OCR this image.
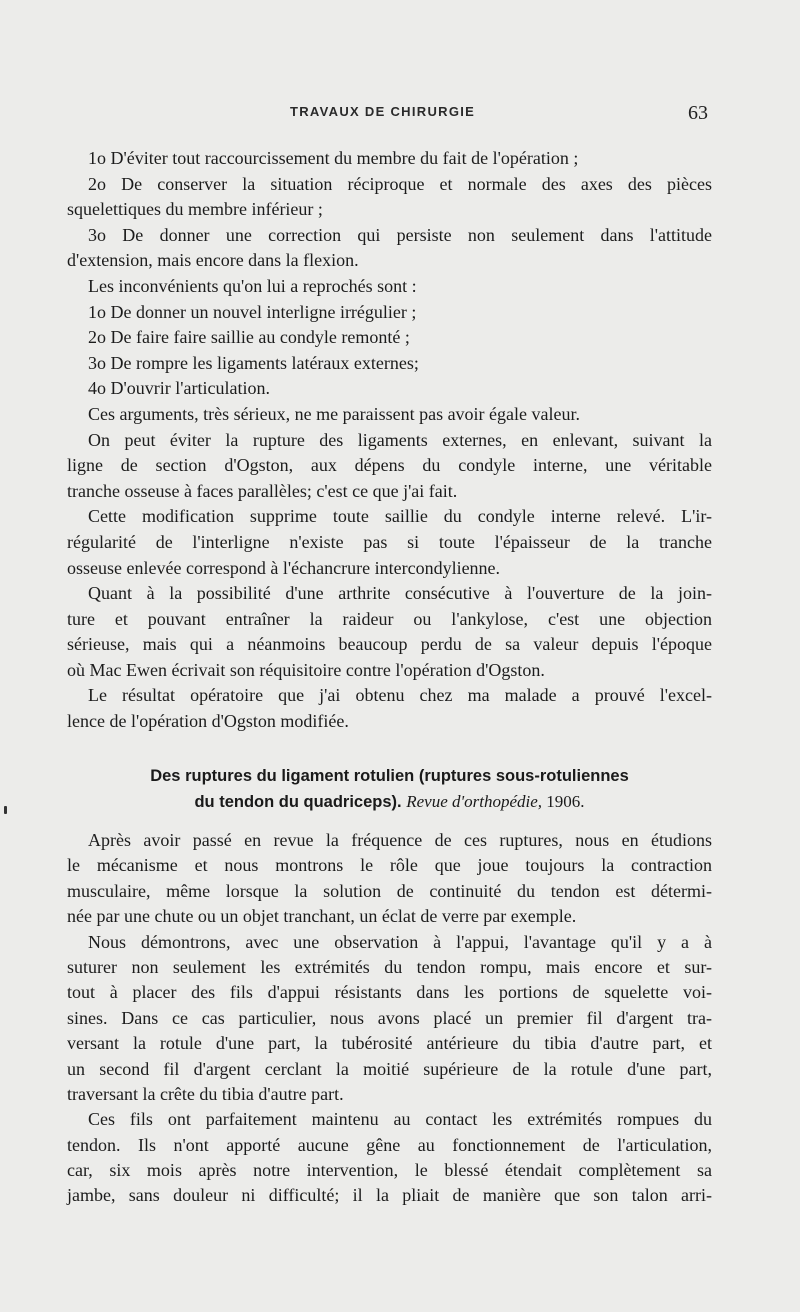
TRAVAUX DE CHIRURGIE	63
1o D'éviter tout raccourcissement du membre du fait de l'opération ;
2o De conserver la situation réciproque et normale des axes des pièces
squelettiques du membre inférieur ;
3o De donner une correction qui persiste non seulement dans l'attitude
d'extension, mais encore dans la flexion.
Les inconvénients qu'on lui a reprochés sont :
1o De donner un nouvel interligne irrégulier ;
2o De faire faire saillie au condyle remonté ;
3o De rompre les ligaments latéraux externes;
4o D'ouvrir l'articulation.
Ces arguments, très sérieux, ne me paraissent pas avoir égale valeur.
On peut éviter la rupture des ligaments externes, en enlevant, suivant la
ligne de section d'Ogston, aux dépens du condyle interne, une véritable
tranche osseuse à faces parallèles; c'est ce que j'ai fait.
Cette modification supprime toute saillie du condyle interne relevé. L'ir-
régularité de l'interligne n'existe pas si toute l'épaisseur de la tranche
osseuse enlevée correspond à l'échancrure intercondylienne.
Quant à la possibilité d'une arthrite consécutive à l'ouverture de la join-
ture et pouvant entraîner la raideur ou l'ankylose, c'est une objection
sérieuse, mais qui a néanmoins beaucoup perdu de sa valeur depuis l'époque
où Mac Ewen écrivait son réquisitoire contre l'opération d'Ogston.
Le résultat opératoire que j'ai obtenu chez ma malade a prouvé l'excel-
lence de l'opération d'Ogston modifiée.
Des ruptures du ligament rotulien (ruptures sous-rotuliennes
du tendon du quadriceps). Revue d'orthopédie, 1906.
Après avoir passé en revue la fréquence de ces ruptures, nous en étudions
le mécanisme et nous montrons le rôle que joue toujours la contraction
musculaire, même lorsque la solution de continuité du tendon est détermi-
née par une chute ou un objet tranchant, un éclat de verre par exemple.
Nous démontrons, avec une observation à l'appui, l'avantage qu'il y a à
suturer non seulement les extrémités du tendon rompu, mais encore et sur-
tout à placer des fils d'appui résistants dans les portions de squelette voi-
sines. Dans ce cas particulier, nous avons placé un premier fil d'argent tra-
versant la rotule d'une part, la tubérosité antérieure du tibia d'autre part, et
un second fil d'argent cerclant la moitié supérieure de la rotule d'une part,
traversant la crête du tibia d'autre part.
Ces fils ont parfaitement maintenu au contact les extrémités rompues du
tendon. Ils n'ont apporté aucune gêne au fonctionnement de l'articulation,
car, six mois après notre intervention, le blessé étendait complètement sa
jambe, sans douleur ni difficulté; il la pliait de manière que son talon arri-
